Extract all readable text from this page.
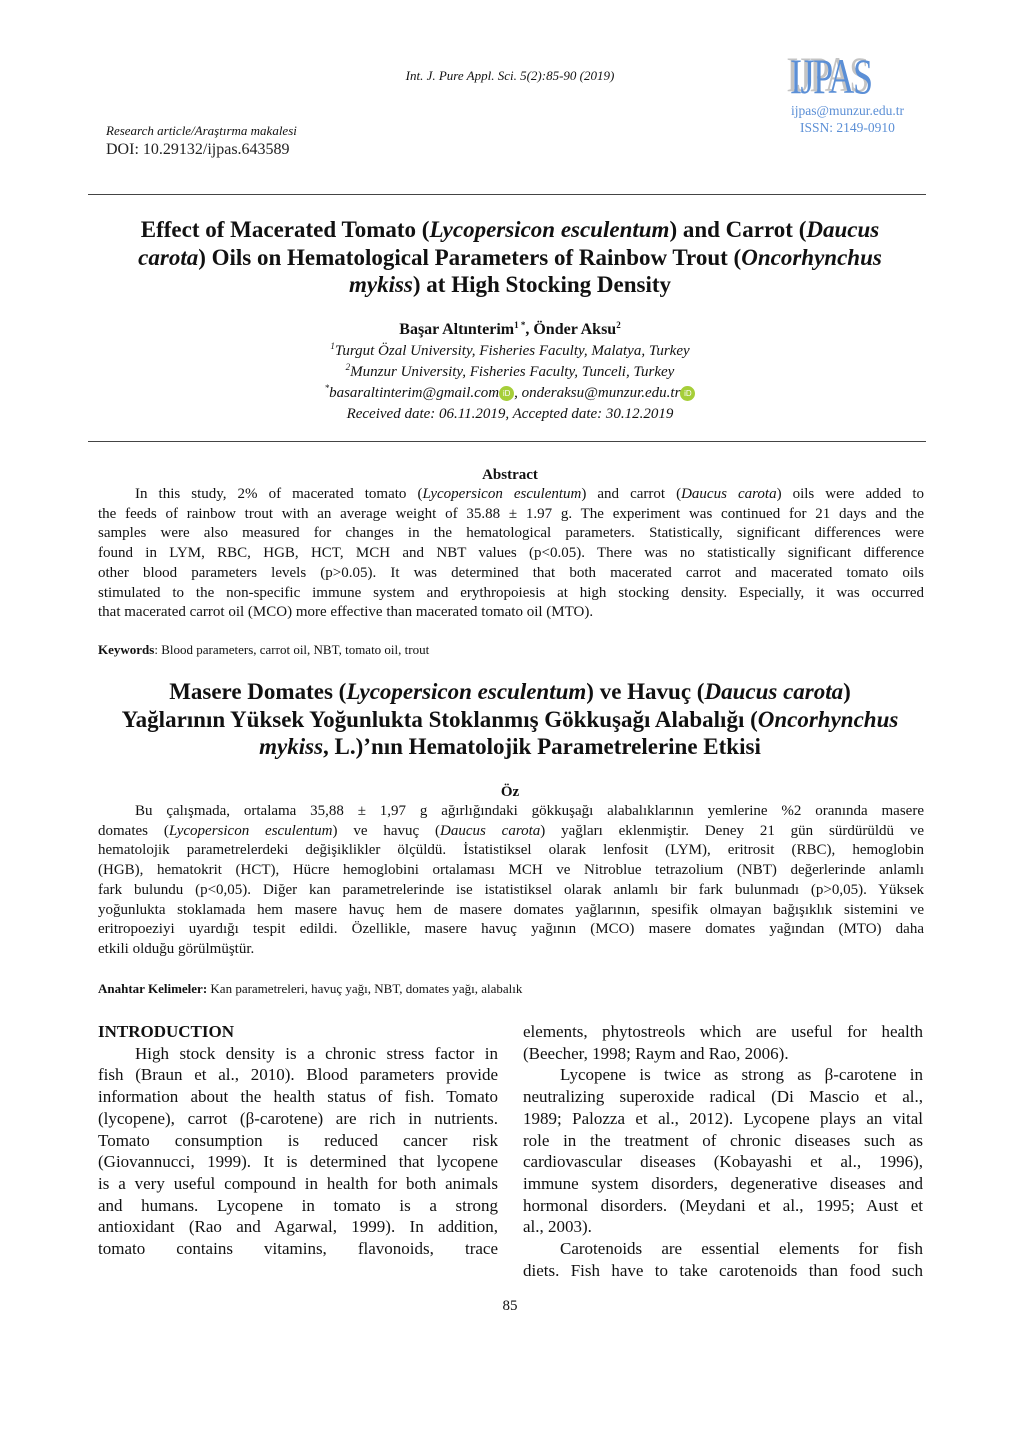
Int. J. Pure Appl. Sci. 5(2):85-90 (2019)	IJPAS
ijpas@munzur.edu.tr
ISSN: 2149-0910
Research article/Araştırma makalesi
DOI: 10.29132/ijpas.643589
Effect of Macerated Tomato (Lycopersicon esculentum) and Carrot (Daucus
carota) Oils on Hematological Parameters of Rainbow Trout (Oncorhynchus
mykiss) at High Stocking Density
Başar Altınterim$^{1 *}$, Önder Aksu$^2$
$^1$Turgut Özal University, Fisheries Faculty, Malatya, Turkey
$^2$Munzur University, Fisheries Faculty, Tunceli, Turkey
*basaraltinterim@gmail.com iD , onderaksu@munzur.edu.tr iD
Received date: 06.11.2019, Accepted date: 30.12.2019
Abstract
In this study, 2% of macerated tomato (Lycopersicon esculentum) and carrot (Daucus carota) oils were added to
the feeds of rainbow trout with an average weight of 35.88 ± 1.97 g. The experiment was continued for 21 days and the
samples were also measured for changes in the hematological parameters. Statistically, significant differences were
found in LYM, RBC, HGB, HCT, MCH and NBT values (p<0.05). There was no statistically significant difference
other blood parameters levels (p>0.05). It was determined that both macerated carrot and macerated tomato oils
stimulated to the non-specific immune system and erythropoiesis at high stocking density. Especially, it was occurred
that macerated carrot oil (MCO) more effective than macerated tomato oil (MTO).
Keywords: Blood parameters, carrot oil, NBT, tomato oil, trout
Masere Domates (Lycopersicon esculentum) ve Havuç (Daucus carota)
Yağlarının Yüksek Yoğunlukta Stoklanmış Gökkuşağı Alabalığı (Oncorhynchus
mykiss, L.)’nın Hematolojik Parametrelerine Etkisi
Öz
Bu çalışmada, ortalama 35,88 ± 1,97 g ağırlığındaki gökkuşağı alabalıklarının yemlerine %2 oranında masere
domates (Lycopersicon esculentum) ve havuç (Daucus carota) yağları eklenmiştir. Deney 21 gün sürdürüldü ve
hematolojik parametrelerdeki değişiklikler ölçüldü. İstatistiksel olarak lenfosit (LYM), eritrosit (RBC), hemoglobin
(HGB), hematokrit (HCT), Hücre hemoglobini ortalaması MCH ve Nitroblue tetrazolium (NBT) değerlerinde anlamlı
fark bulundu (p<0,05). Diğer kan parametrelerinde ise istatistiksel olarak anlamlı bir fark bulunmadı (p>0,05). Yüksek
yoğunlukta stoklamada hem masere havuç hem de masere domates yağlarının, spesifik olmayan bağışıklık sistemini ve
eritropoeziyi uyardığı tespit edildi. Özellikle, masere havuç yağının (MCO) masere domates yağından (MTO) daha
etkili olduğu görülmüştür.
Anahtar Kelimeler: Kan parametreleri, havuç yağı, NBT, domates yağı, alabalık
INTRODUCTION
High stock density is a chronic stress factor in
fish (Braun et al., 2010). Blood parameters provide
information about the health status of fish. Tomato
(lycopene), carrot (β-carotene) are rich in nutrients.
Tomato consumption is reduced cancer risk
(Giovannucci, 1999). It is determined that lycopene
is a very useful compound in health for both animals
and humans. Lycopene in tomato is a strong
antioxidant (Rao and Agarwal, 1999). In addition,
tomato contains vitamins, flavonoids, trace
elements, phytostreols which are useful for health
(Beecher, 1998; Raym and Rao, 2006).
Lycopene is twice as strong as β-carotene in
neutralizing superoxide radical (Di Mascio et al.,
1989; Palozza et al., 2012). Lycopene plays an vital
role in the treatment of chronic diseases such as
cardiovascular diseases (Kobayashi et al., 1996),
immune system disorders, degenerative diseases and
hormonal disorders. (Meydani et al., 1995; Aust et
al., 2003).
Carotenoids are essential elements for fish
diets. Fish have to take carotenoids than food such
85
